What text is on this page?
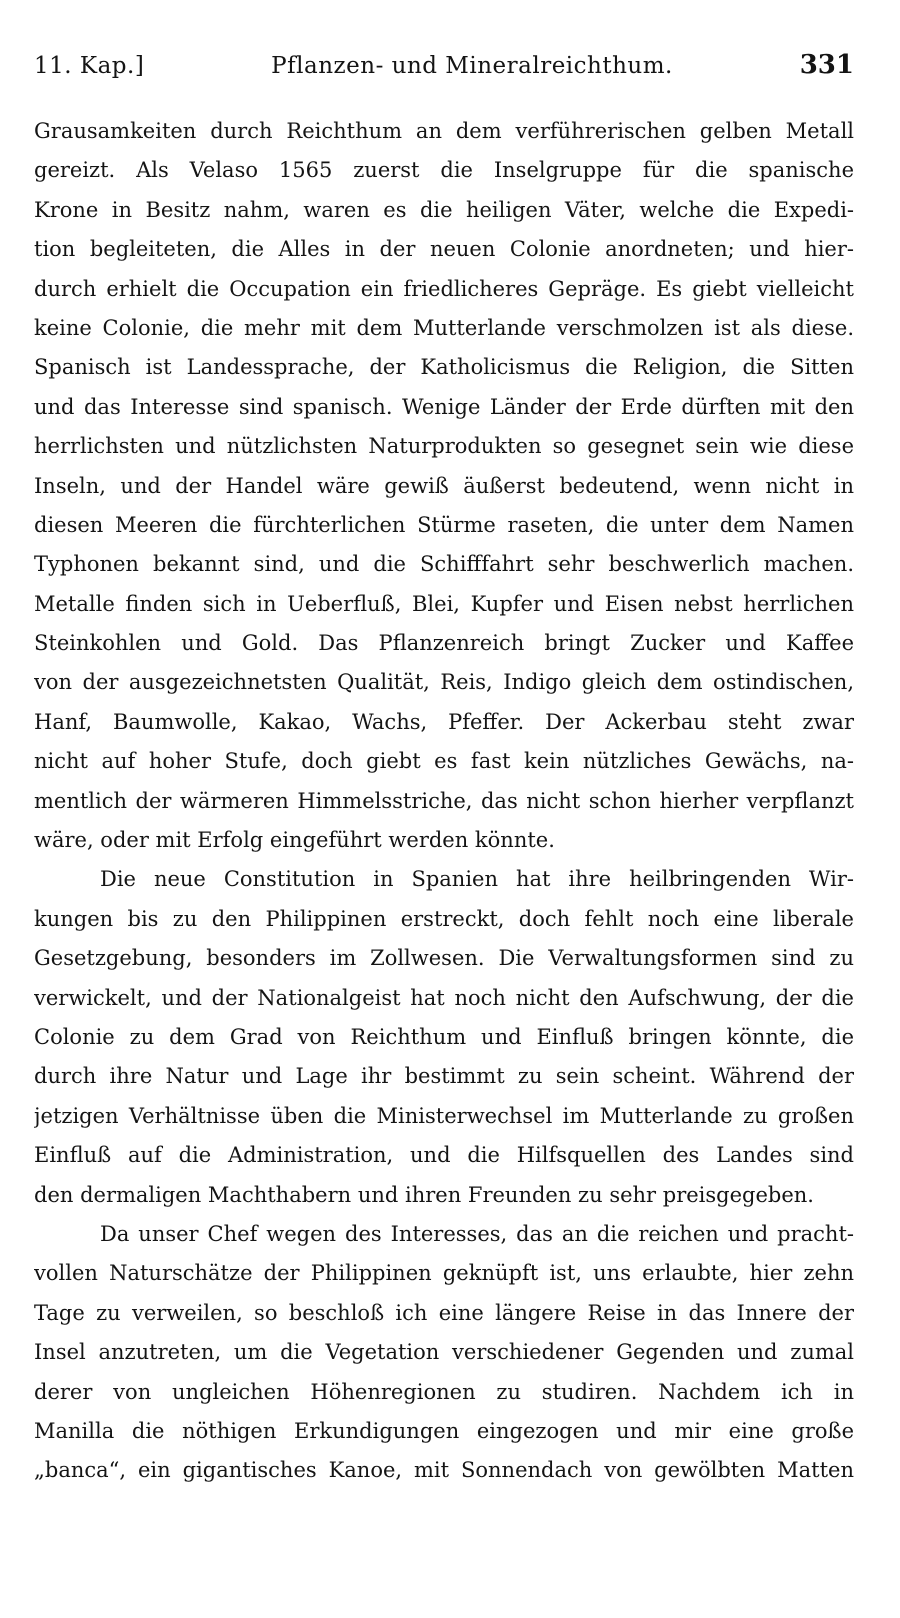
11. Kap.]	Pflanzen- und Mineralreichthum.	331
Grausamkeiten durch Reichthum an dem verführerischen gelben Metall
gereizt. Als Velaso 1565 zuerst die Inselgruppe für die spanische
Krone in Besitz nahm, waren es die heiligen Väter, welche die Expedi-
tion begleiteten, die Alles in der neuen Colonie anordneten; und hier-
durch erhielt die Occupation ein friedlicheres Gepräge. Es giebt vielleicht
keine Colonie, die mehr mit dem Mutterlande verschmolzen ist als diese.
Spanisch ist Landessprache, der Katholicismus die Religion, die Sitten
und das Interesse sind spanisch. Wenige Länder der Erde dürften mit den
herrlichsten und nützlichsten Naturprodukten so gesegnet sein wie diese
Inseln, und der Handel wäre gewiß äußerst bedeutend, wenn nicht in
diesen Meeren die fürchterlichen Stürme raseten, die unter dem Namen
Typhonen bekannt sind, und die Schifffahrt sehr beschwerlich machen.
Metalle finden sich in Ueberfluß, Blei, Kupfer und Eisen nebst herrlichen
Steinkohlen und Gold. Das Pflanzenreich bringt Zucker und Kaffee
von der ausgezeichnetsten Qualität, Reis, Indigo gleich dem ostindischen,
Hanf, Baumwolle, Kakao, Wachs, Pfeffer. Der Ackerbau steht zwar
nicht auf hoher Stufe, doch giebt es fast kein nützliches Gewächs, na-
mentlich der wärmeren Himmelsstriche, das nicht schon hierher verpflanzt
wäre, oder mit Erfolg eingeführt werden könnte.
Die neue Constitution in Spanien hat ihre heilbringenden Wir-
kungen bis zu den Philippinen erstreckt, doch fehlt noch eine liberale
Gesetzgebung, besonders im Zollwesen. Die Verwaltungsformen sind zu
verwickelt, und der Nationalgeist hat noch nicht den Aufschwung, der die
Colonie zu dem Grad von Reichthum und Einfluß bringen könnte, die
durch ihre Natur und Lage ihr bestimmt zu sein scheint. Während der
jetzigen Verhältnisse üben die Ministerwechsel im Mutterlande zu großen
Einfluß auf die Administration, und die Hilfsquellen des Landes sind
den dermaligen Machthabern und ihren Freunden zu sehr preisgegeben.
Da unser Chef wegen des Interesses, das an die reichen und pracht-
vollen Naturschätze der Philippinen geknüpft ist, uns erlaubte, hier zehn
Tage zu verweilen, so beschloß ich eine längere Reise in das Innere der
Insel anzutreten, um die Vegetation verschiedener Gegenden und zumal
derer von ungleichen Höhenregionen zu studiren. Nachdem ich in
Manilla die nöthigen Erkundigungen eingezogen und mir eine große
„banca“, ein gigantisches Kanoe, mit Sonnendach von gewölbten Matten
